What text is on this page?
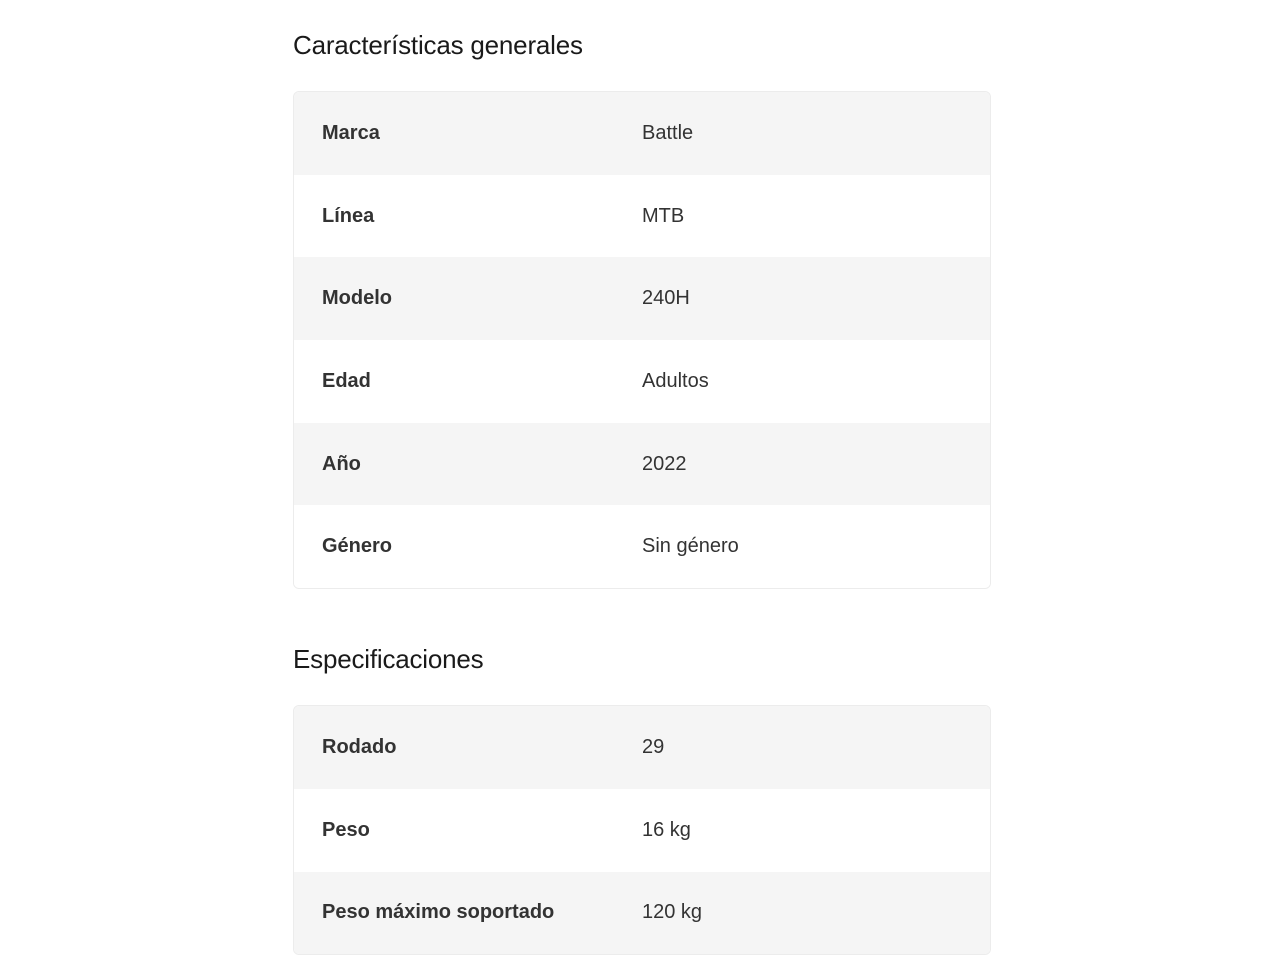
Características generales
Marca	Battle
Línea	MTB
Modelo	240H
Edad	Adultos
Año	2022
Género	Sin género
Especificaciones
Rodado	29
Peso	16 kg
Peso máximo soportado	120 kg
